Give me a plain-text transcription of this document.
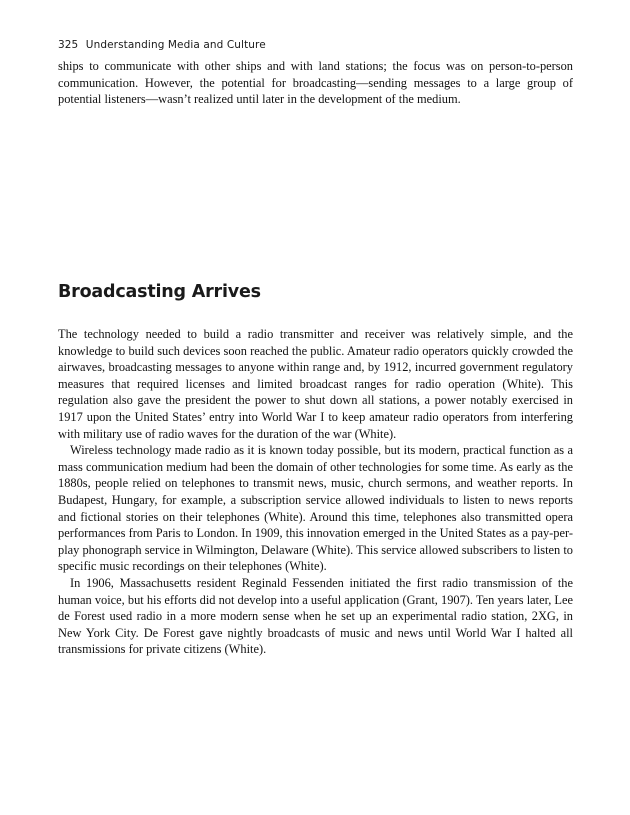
325 Understanding Media and Culture

ships to communicate with other ships and with land stations; the focus was on person-to-person communication. However, the potential for broadcasting—sending messages to a large group of potential listeners—wasn’t realized until later in the development of the medium.

Broadcasting Arrives

The technology needed to build a radio transmitter and receiver was relatively simple, and the knowledge to build such devices soon reached the public. Amateur radio operators quickly crowded the airwaves, broadcasting messages to anyone within range and, by 1912, incurred government regulatory measures that required licenses and limited broadcast ranges for radio operation (White). This regulation also gave the president the power to shut down all stations, a power notably exercised in 1917 upon the United States’ entry into World War I to keep amateur radio operators from interfering with military use of radio waves for the duration of the war (White).

Wireless technology made radio as it is known today possible, but its modern, practical function as a mass communication medium had been the domain of other technologies for some time. As early as the 1880s, people relied on telephones to transmit news, music, church sermons, and weather reports. In Budapest, Hungary, for example, a subscription service allowed individuals to listen to news reports and fictional stories on their telephones (White). Around this time, telephones also transmitted opera performances from Paris to London. In 1909, this innovation emerged in the United States as a pay-per-play phonograph service in Wilmington, Delaware (White). This service allowed subscribers to listen to specific music recordings on their telephones (White).

In 1906, Massachusetts resident Reginald Fessenden initiated the first radio transmission of the human voice, but his efforts did not develop into a useful application (Grant, 1907). Ten years later, Lee de Forest used radio in a more modern sense when he set up an experimental radio station, 2XG, in New York City. De Forest gave nightly broadcasts of music and news until World War I halted all transmissions for private citizens (White).
